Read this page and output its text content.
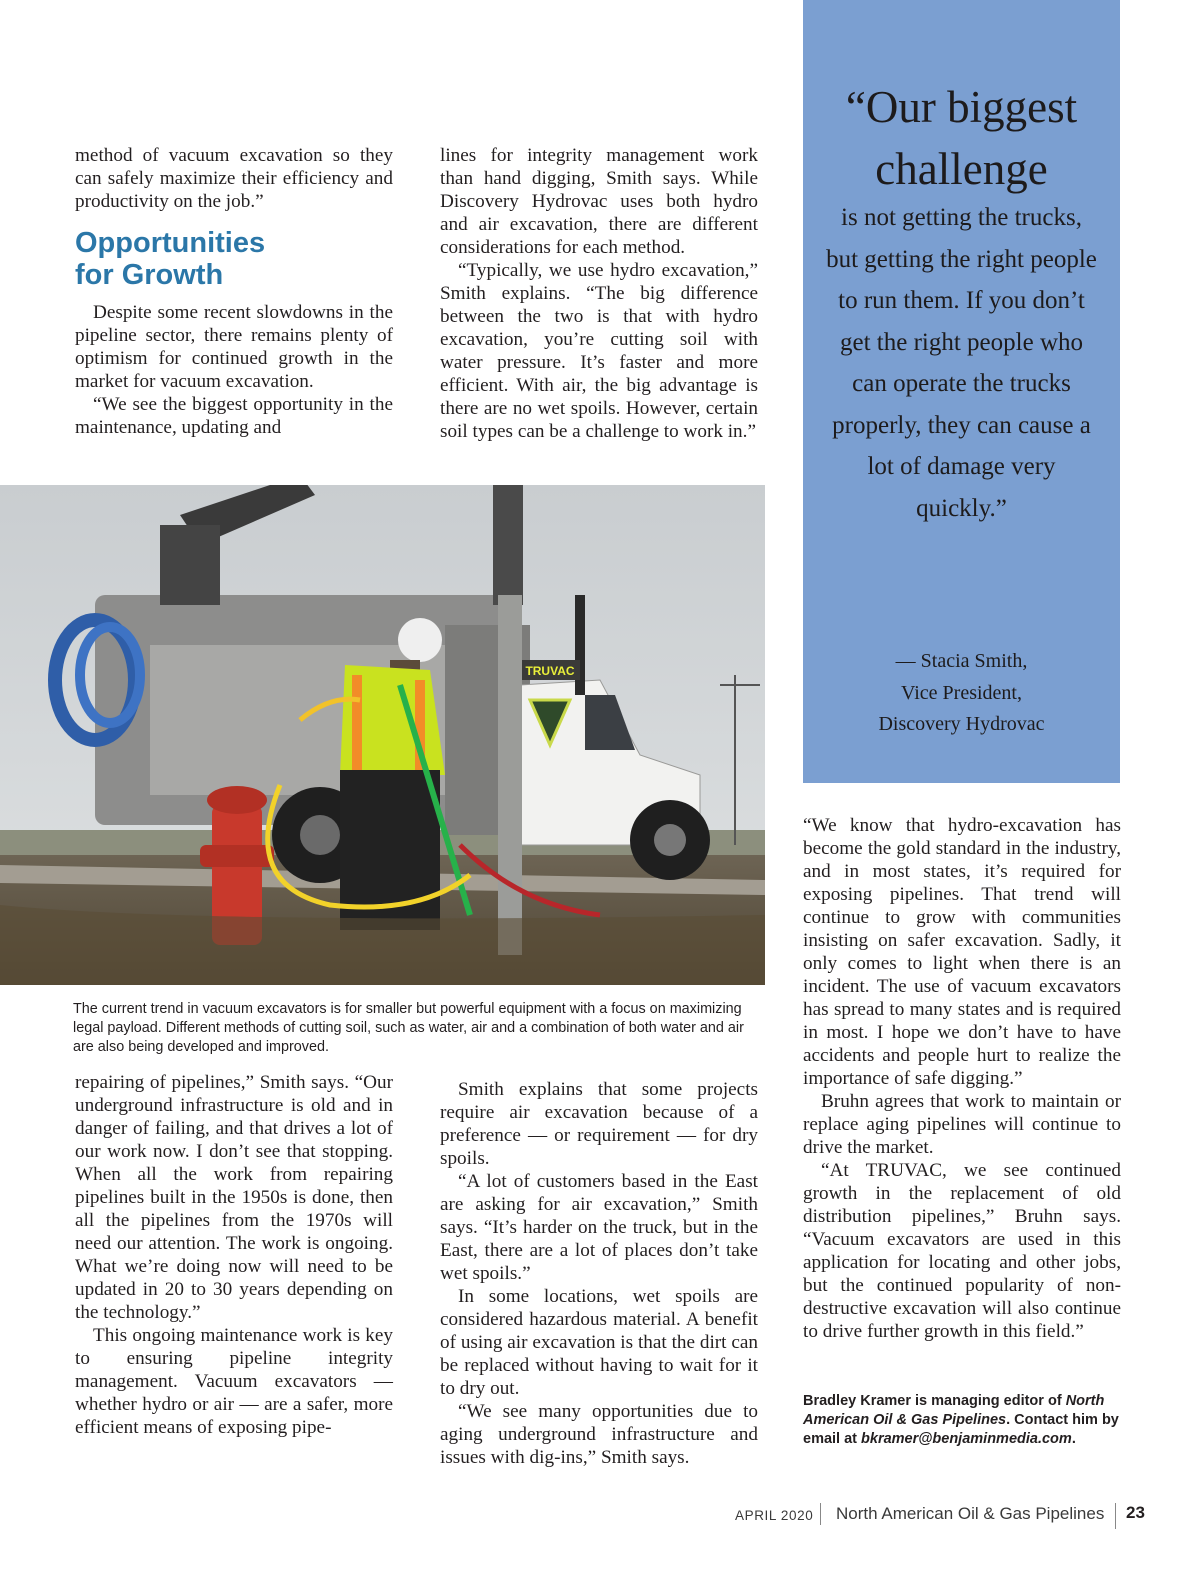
method of vacuum excavation so they can safely maximize their efficiency and productivity on the job.”

Opportunities
for Growth

Despite some recent slowdowns in the pipeline sector, there remains plenty of optimism for continued growth in the market for vacuum excavation.

“We see the biggest opportunity in the maintenance, updating and

lines for integrity management work than hand digging, Smith says. While Discovery Hydrovac uses both hydro and air excavation, there are different considerations for each method.

“Typically, we use hydro excavation,” Smith explains. “The big difference between the two is that with hydro excavation, you’re cutting soil with water pressure. It’s faster and more efficient. With air, the big advantage is there are no wet spoils. However, certain soil types can be a challenge to work in.”

TRUVAC
The current trend in vacuum excavators is for smaller but powerful equipment with a focus on maximizing legal payload. Different methods of cutting soil, such as water, air and a combination of both water and air are also being developed and improved.
“Our biggest
challenge
is not getting the trucks, but getting the right people to run them. If you don’t get the right people who can operate the trucks properly, they can cause a lot of damage very quickly.”
— Stacia Smith,
Vice President,
Discovery Hydrovac

repairing of pipelines,” Smith says. “Our underground infrastructure is old and in danger of failing, and that drives a lot of our work now. I don’t see that stopping. When all the work from repairing pipelines built in the 1950s is done, then all the pipelines from the 1970s will need our attention. The work is ongoing. What we’re doing now will need to be updated in 20 to 30 years depending on the technology.”

This ongoing maintenance work is key to ensuring pipeline integrity management. Vacuum excavators — whether hydro or air — are a safer, more efficient means of exposing pipe-

Smith explains that some projects require air excavation because of a preference — or requirement — for dry spoils.

“A lot of customers based in the East are asking for air excavation,” Smith says. “It’s harder on the truck, but in the East, there are a lot of places don’t take wet spoils.”

In some locations, wet spoils are considered hazardous material. A benefit of using air excavation is that the dirt can be replaced without having to wait for it to dry out.

“We see many opportunities due to aging underground infrastructure and issues with dig-ins,” Smith says.

“We know that hydro-excavation has become the gold standard in the industry, and in most states, it’s required for exposing pipelines. That trend will continue to grow with communities insisting on safer excavation. Sadly, it only comes to light when there is an incident. The use of vacuum excavators has spread to many states and is required in most. I hope we don’t have to have accidents and people hurt to realize the importance of safe digging.”

Bruhn agrees that work to maintain or replace aging pipelines will continue to drive the market.

“At TRUVAC, we see continued growth in the replacement of old distribution pipelines,” Bruhn says. “Vacuum excavators are used in this application for locating and other jobs, but the continued popularity of non-destructive excavation will also continue to drive further growth in this field.”

Bradley Kramer is managing editor of North American Oil & Gas Pipelines. Contact him by email at bkramer@benjaminmedia.com.
APRIL 2020 North American Oil & Gas Pipelines 23
